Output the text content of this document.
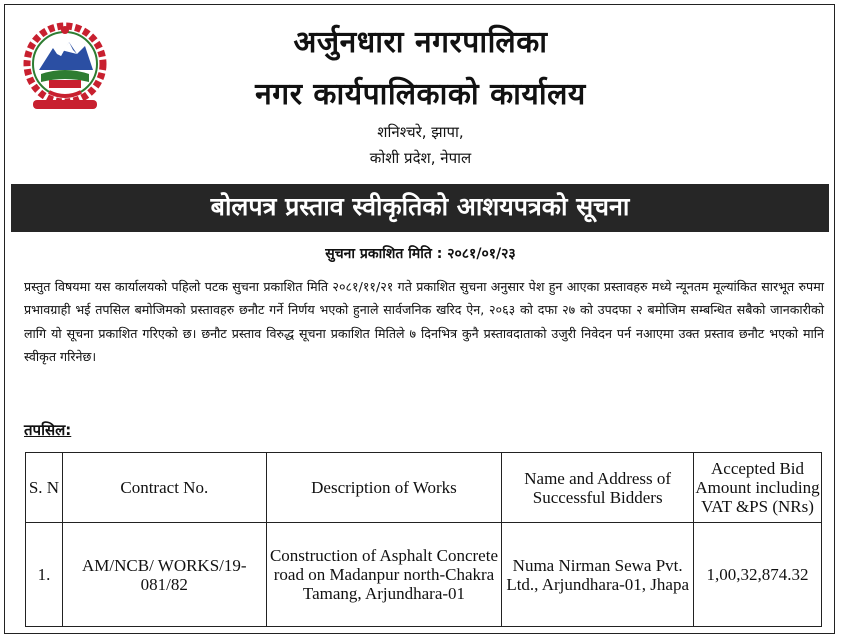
अर्जुनधारा नगरपालिका
नगर कार्यपालिकाको कार्यालय
शनिश्चरे, झापा,
कोशी प्रदेश, नेपाल
बोलपत्र प्रस्ताव स्वीकृतिको आशयपत्रको सूचना
सुचना प्रकाशित मिति : २०८१/०१/२३
प्रस्तुत विषयमा यस कार्यालयको पहिलो पटक सुचना प्रकाशित मिति २०८१/११/२१ गते प्रकाशित सुचना अनुसार पेश हुन आएका प्रस्तावहरु मध्ये न्यूनतम मूल्यांकित सारभूत रुपमा प्रभावग्राही भई तपसिल बमोजिमको प्रस्तावहरु छनौट गर्ने निर्णय भएको हुनाले सार्वजनिक खरिद ऐन, २०६३ को दफा २७ को उपदफा २ बमोजिम सम्बन्धित सबैको जानकारीको लागि यो सूचना प्रकाशित गरिएको छ। छनौट प्रस्ताव विरुद्ध सूचना प्रकाशित मितिले ७ दिनभित्र कुनै प्रस्तावदाताको उजुरी निवेदन पर्न नआएमा उक्त प्रस्ताव छनौट भएको मानि स्वीकृत गरिनेछ।
तपसिल:
S. N	Contract No.	Description of Works	Name and Address of Successful Bidders	Accepted Bid Amount including VAT &PS (NRs)
1.	AM/NCB/ WORKS/19-081/82	Construction of Asphalt Concrete road on Madanpur north-Chakra Tamang, Arjundhara-01	Numa Nirman Sewa Pvt. Ltd., Arjundhara-01, Jhapa	1,00,32,874.32
